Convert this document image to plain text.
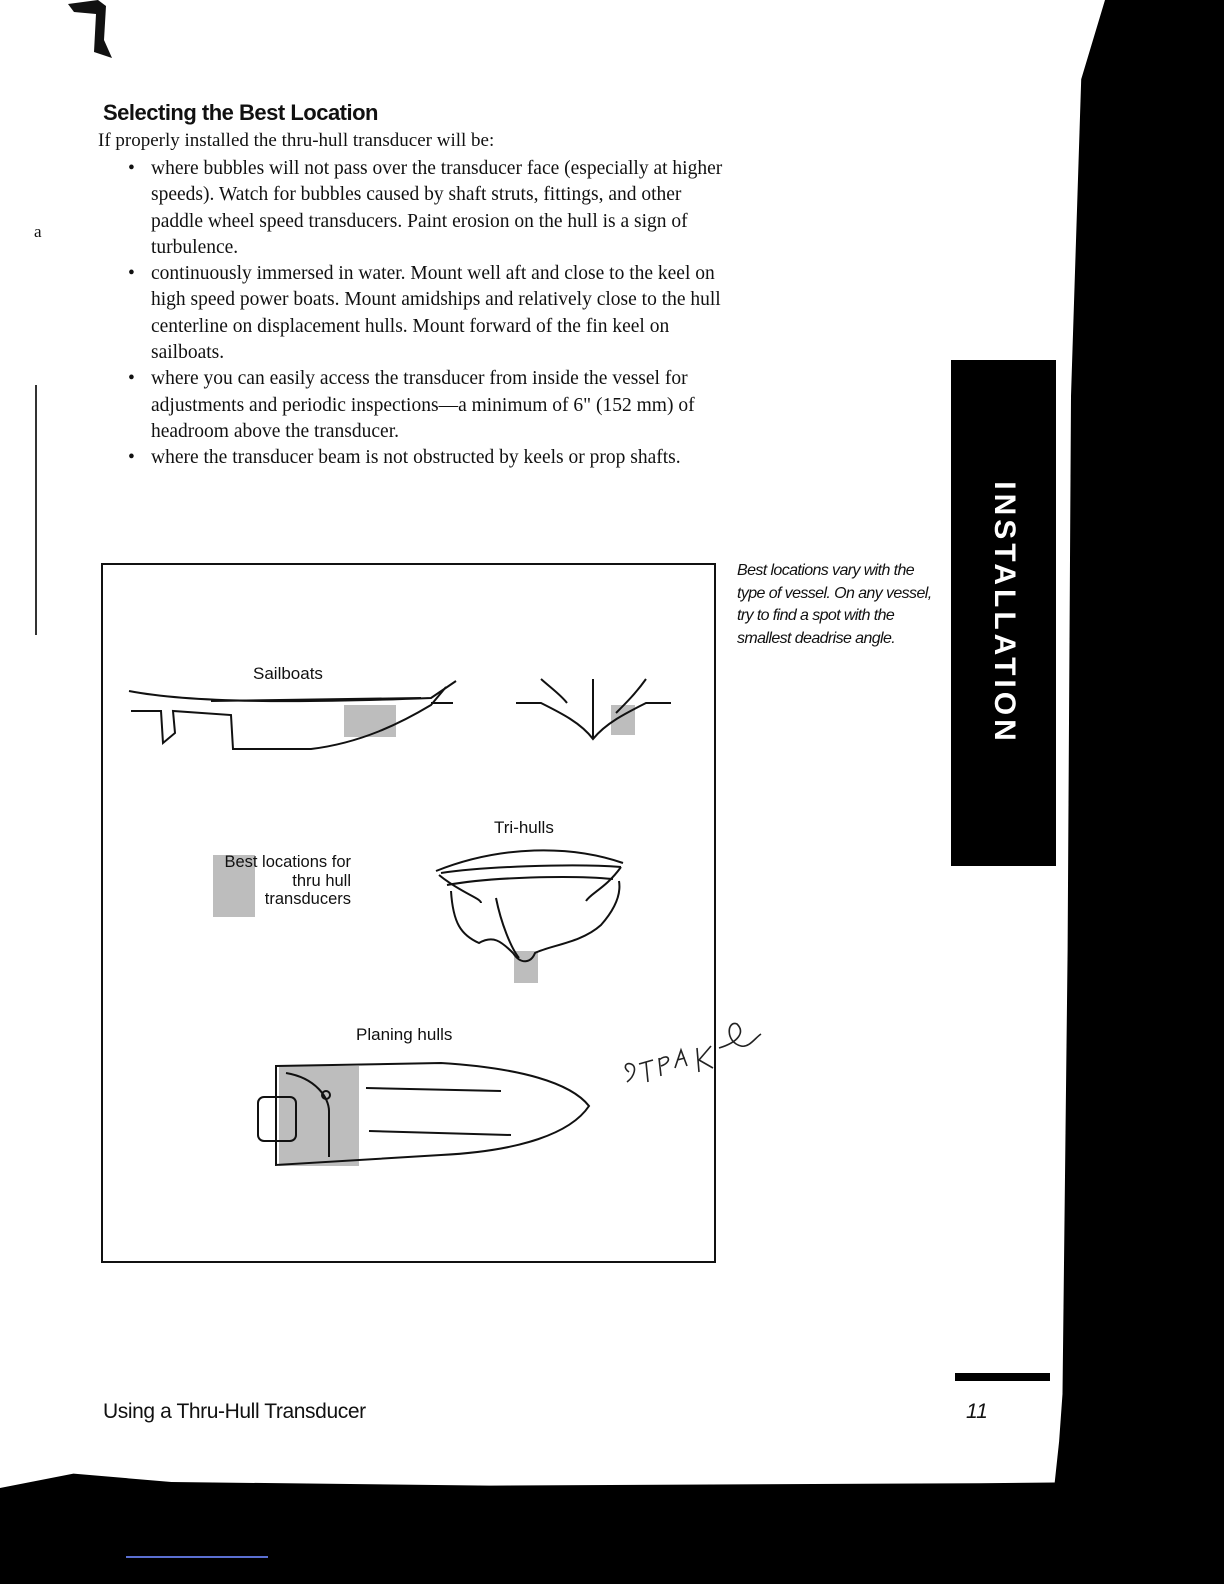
a
INSTALLATION
Selecting the Best Location
If properly installed the thru-hull transducer will be:
• where bubbles will not pass over the transducer face (especially at higher speeds). Watch for bubbles caused by shaft struts, fittings, and other paddle wheel speed transducers. Paint erosion on the hull is a sign of turbulence.
• continuously immersed in water. Mount well aft and close to the keel on high speed power boats. Mount amidships and relatively close to the hull centerline on displacement hulls. Mount forward of the fin keel on sailboats.
• where you can easily access the transducer from inside the vessel for adjustments and periodic inspections—a minimum of 6" (152 mm) of headroom above the transducer.
• where the transducer beam is not obstructed by keels or prop shafts.
Sailboats
Tri-hulls
Planing hulls
Best locations for
thru hull
transducers
Best locations vary with the type of vessel. On any vessel, try to find a spot with the smallest deadrise angle.
Using a Thru-Hull Transducer	11
